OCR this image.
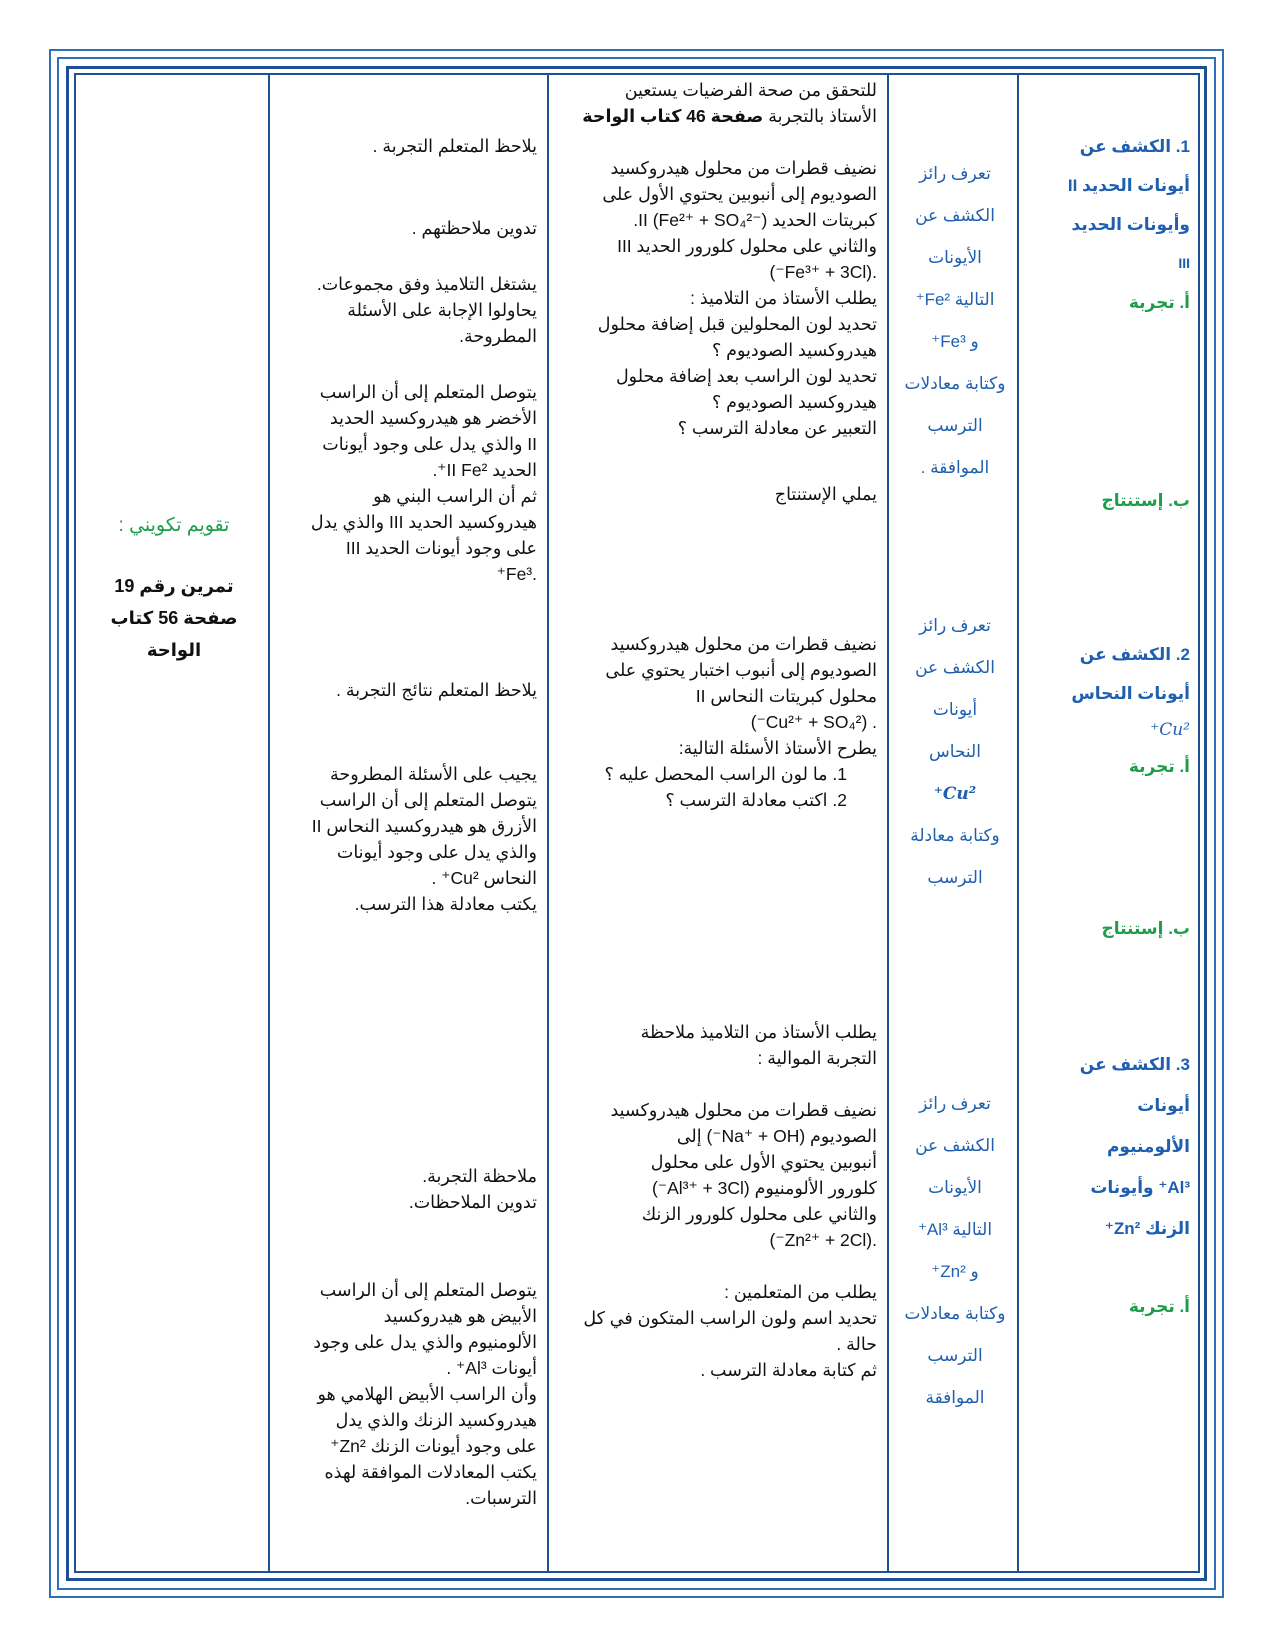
1. الكشف عن
أيونات الحديد II
وأيونات الحديد
III
أ. تجربة
ب. إستنتاج
2. الكشف عن
أيونات النحاس
Cu²⁺
أ. تجربة
ب. إستنتاج
3. الكشف عن
أيونات
الألومنيوم
Al³⁺ وأيونات
الزنك Zn²⁺
أ. تجربة
تعرف رائز
الكشف عن
الأيونات
التالية Fe²⁺
و Fe³⁺
وكتابة معادلات
الترسب
الموافقة .
تعرف رائز
الكشف عن
أيونات
النحاس
Cu²⁺
وكتابة معادلة
الترسب
تعرف رائز
الكشف عن
الأيونات
التالية Al³⁺
و Zn²⁺
وكتابة معادلات
الترسب
الموافقة
للتحقق من صحة الفرضيات يستعين
الأستاذ بالتجربة صفحة 46 كتاب الواحة
نضيف قطرات من محلول هيدروكسيد
الصوديوم إلى أنبوبين يحتوي الأول على
كبريتات الحديد II (Fe²⁺ + SO₄²⁻).
والثاني على محلول كلورور الحديد III
.(Fe³⁺ + 3Cl⁻)
يطلب الأستاذ من التلاميذ :
تحديد لون المحلولين قبل إضافة محلول
هيدروكسيد الصوديوم ؟
تحديد لون الراسب بعد إضافة محلول
هيدروكسيد الصوديوم ؟
التعبير عن معادلة الترسب ؟
يملي الإستنتاج
نضيف قطرات من محلول هيدروكسيد
الصوديوم إلى أنبوب اختبار يحتوي على
محلول كبريتات النحاس II
. (Cu²⁺ + SO₄²⁻)
يطرح الأستاذ الأسئلة التالية:
1. ما لون الراسب المحصل عليه ؟
2. اكتب معادلة الترسب ؟
يطلب الأستاذ من التلاميذ ملاحظة
التجربة الموالية :
نضيف قطرات من محلول هيدروكسيد
الصوديوم (Na⁺ + OH⁻) إلى
أنبوبين يحتوي الأول على محلول
كلورور الألومنيوم (Al³⁺ + 3Cl⁻)
والثاني على محلول كلورور الزنك
.(Zn²⁺ + 2Cl⁻)
يطلب من المتعلمين :
تحديد اسم ولون الراسب المتكون في كل
حالة .
ثم كتابة معادلة الترسب .
يلاحظ المتعلم التجربة .
تدوين ملاحظتهم .
يشتغل التلاميذ وفق مجموعات.
يحاولوا الإجابة على الأسئلة
المطروحة.
يتوصل المتعلم إلى أن الراسب
الأخضر هو هيدروكسيد الحديد
II والذي يدل على وجود أيونات
الحديد II Fe²⁺.
ثم أن الراسب البني هو
هيدروكسيد الحديد III والذي يدل
على وجود أيونات الحديد III
.Fe³⁺
يلاحظ المتعلم نتائج التجربة .
يجيب على الأسئلة المطروحة
يتوصل المتعلم إلى أن الراسب
الأزرق هو هيدروكسيد النحاس II
والذي يدل على وجود أيونات
النحاس Cu²⁺ .
يكتب معادلة هذا الترسب.
ملاحظة التجربة.
تدوين الملاحظات.
يتوصل المتعلم إلى أن الراسب
الأبيض هو هيدروكسيد
الألومنيوم والذي يدل على وجود
أيونات Al³⁺ .
وأن الراسب الأبيض الهلامي هو
هيدروكسيد الزنك والذي يدل
على وجود أيونات الزنك Zn²⁺
يكتب المعادلات الموافقة لهذه
الترسبات.
تقويم تكويني :
تمرين رقم 19
صفحة 56 كتاب
الواحة
